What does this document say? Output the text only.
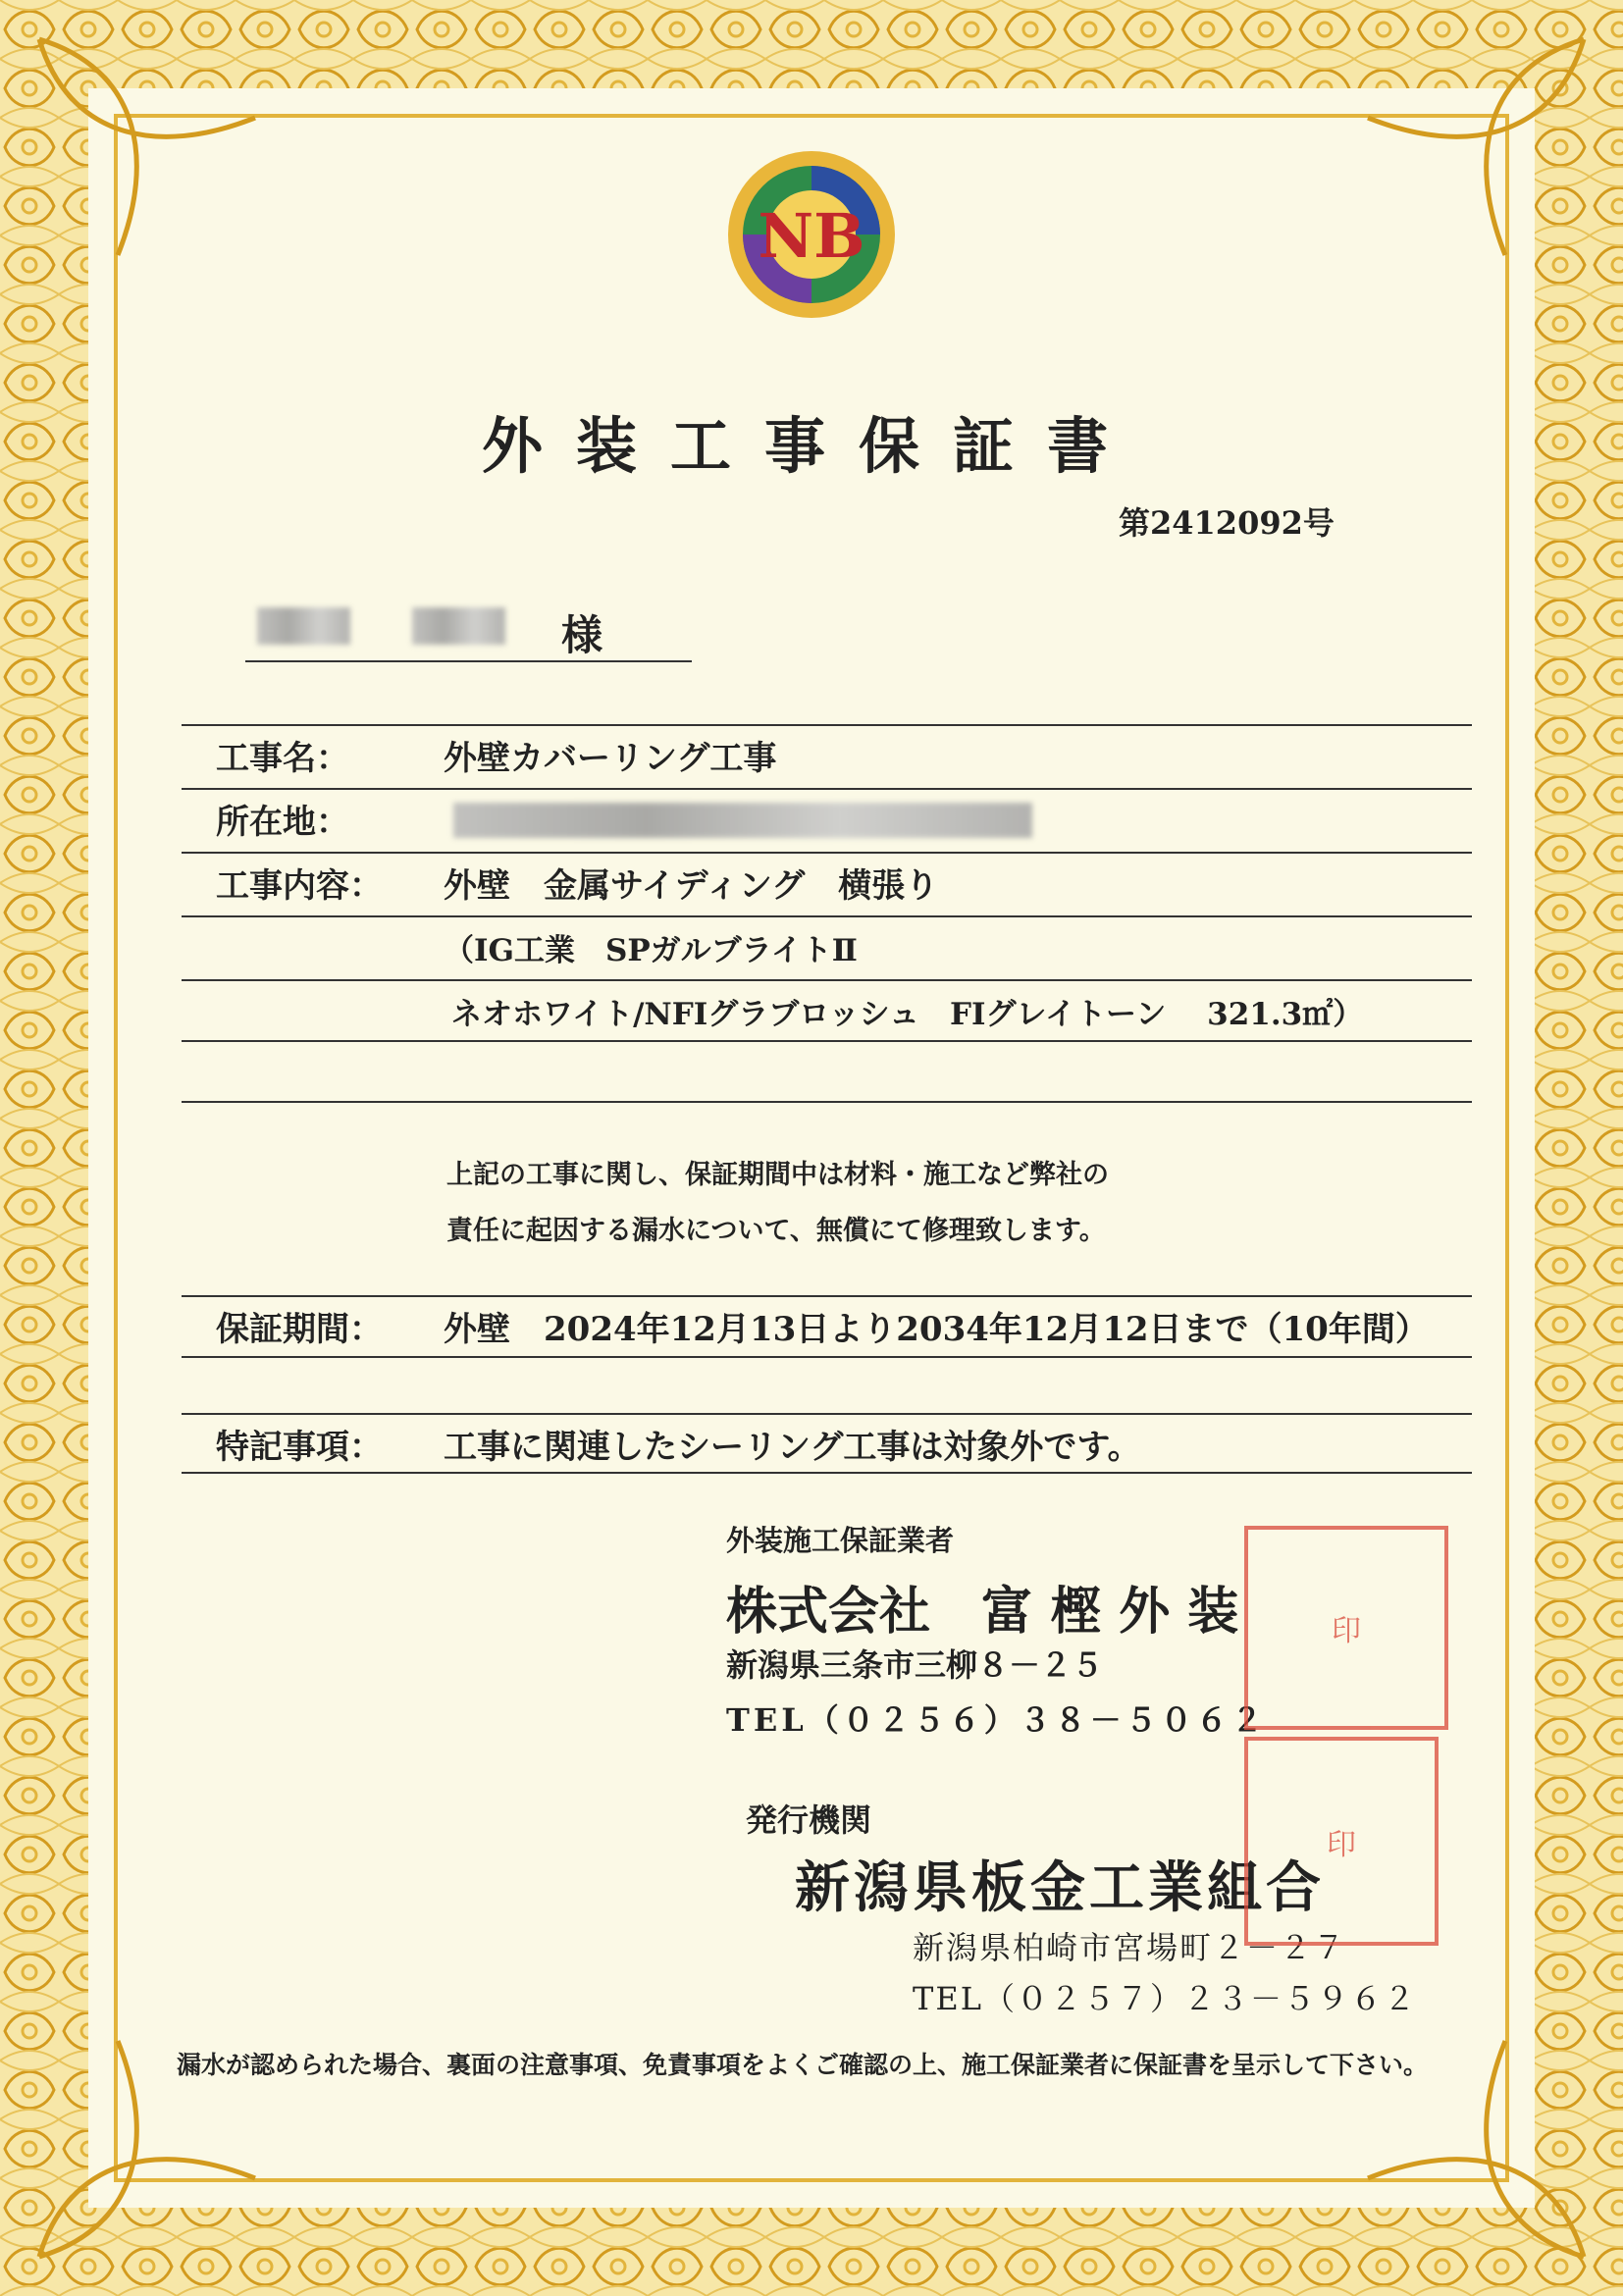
NB
外装工事保証書
第2412092号
様
工事名：	外壁カバーリング工事
所在地：
工事内容： 外壁　金属サイディング　横張り
（IG工業　SPガルブライトⅡ
ネオホワイト/NFIグラブロッシュ　FIグレイトーン　 321.3㎡）
上記の工事に関し、保証期間中は材料・施工など弊社の
責任に起因する漏水について、無償にて修理致します。
保証期間： 外壁　2024年12月13日より2034年12月12日まで（10年間）
特記事項： 工事に関連したシーリング工事は対象外です。
外装施工保証業者
株式会社　富 樫 外 装
新潟県三条市三柳８－２５
TEL（０２５６）３８－５０６２
印
発行機関
新潟県板金工業組合
新潟県柏崎市宮場町２－２７
TEL（０２５７）２３－５９６２
印
漏水が認められた場合、裏面の注意事項、免責事項をよくご確認の上、施工保証業者に保証書を呈示して下さい。
